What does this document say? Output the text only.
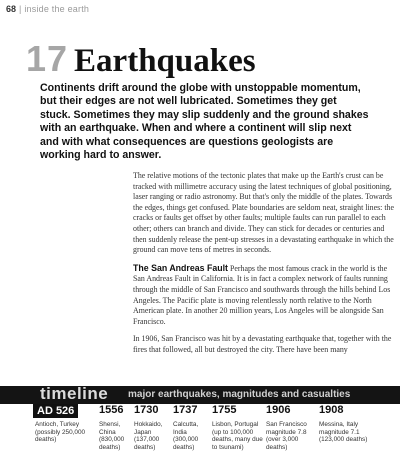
68 | inside the earth
17 Earthquakes
Continents drift around the globe with unstoppable momentum, but their edges are not well lubricated. Sometimes they get stuck. Sometimes they may slip suddenly and the ground shakes with an earthquake. When and where a continent will slip next and with what consequences are questions geologists are working hard to answer.

The relative motions of the tectonic plates that make up the Earth's crust can be tracked with millimetre accuracy using the latest techniques of global positioning, laser ranging or radio astronomy. But that's only the middle of the plates. Towards the edges, things get confused. Plate boundaries are seldom neat, straight lines: the cracks or faults get offset by other faults; multiple faults can run parallel to each other; others can branch and divide. They can stick for decades or centuries and then suddenly release the pent-up stresses in a devastating earthquake in which the ground can move tens of metres in seconds.

The San Andreas Fault Perhaps the most famous crack in the world is the San Andreas Fault in California. It is in fact a complex network of faults running through the middle of San Francisco and southwards through the hills behind Los Angeles. The Pacific plate is moving relentlessly north relative to the North American plate. In another 20 million years, Los Angeles will be alongside San Francisco.

In 1906, San Francisco was hit by a devastating earthquake that, together with the fires that followed, all but destroyed the city. There have been many

timeline major earthquakes, magnitudes and casualties
AD 526	1556 1730 1737 1755	1906	1908
Antioch, Turkey (possibly 250,000 deaths)
Shensi, China (830,000 deaths)
Hokkaido, Japan (137,000 deaths)
Calcutta, India (300,000 deaths)
Lisbon, Portugal (up to 100,000 deaths, many due to tsunami)
San Francisco magnitude 7.8 (over 3,000 deaths)
Messina, Italy magnitude 7.1 (123,000 deaths)
